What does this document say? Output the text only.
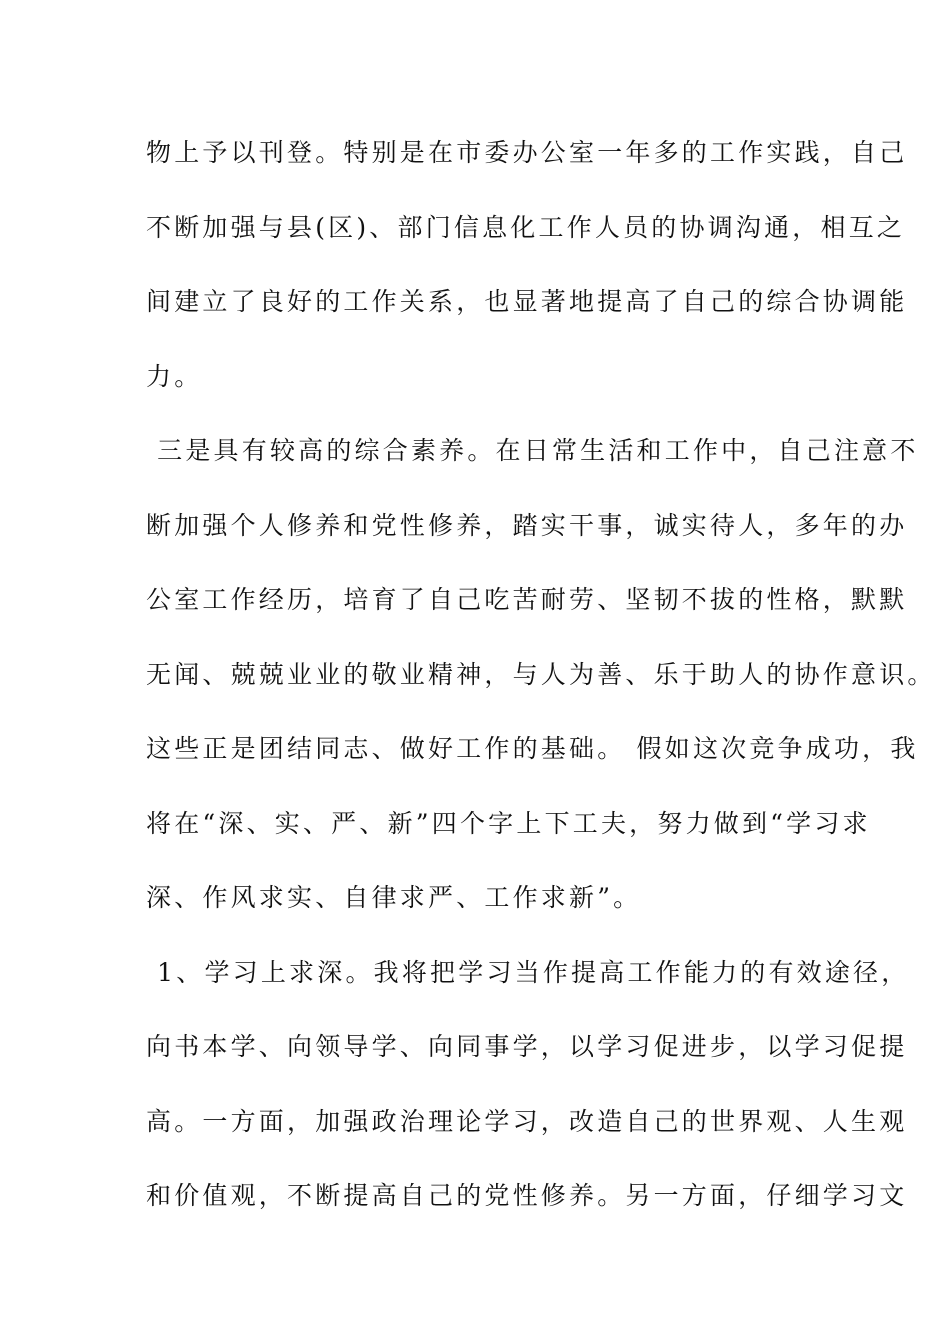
物上予以刊登。特别是在市委办公室一年多的工作实践，自己
不断加强与县(区)、部门信息化工作人员的协调沟通，相互之
间建立了良好的工作关系，也显著地提高了自己的综合协调能
力。
三是具有较高的综合素养。在日常生活和工作中，自己注意不
断加强个人修养和党性修养，踏实干事，诚实待人，多年的办
公室工作经历，培育了自己吃苦耐劳、坚韧不拔的性格，默默
无闻、兢兢业业的敬业精神，与人为善、乐于助人的协作意识。
这些正是团结同志、做好工作的基础。 假如这次竞争成功，我
将在“深、实、严、新”四个字上下工夫，努力做到“学习求
深、作风求实、自律求严、工作求新”。
1、学习上求深。我将把学习当作提高工作能力的有效途径，
向书本学、向领导学、向同事学，以学习促进步，以学习促提
高。一方面，加强政治理论学习，改造自己的世界观、人生观
和价值观，不断提高自己的党性修养。另一方面，仔细学习文
